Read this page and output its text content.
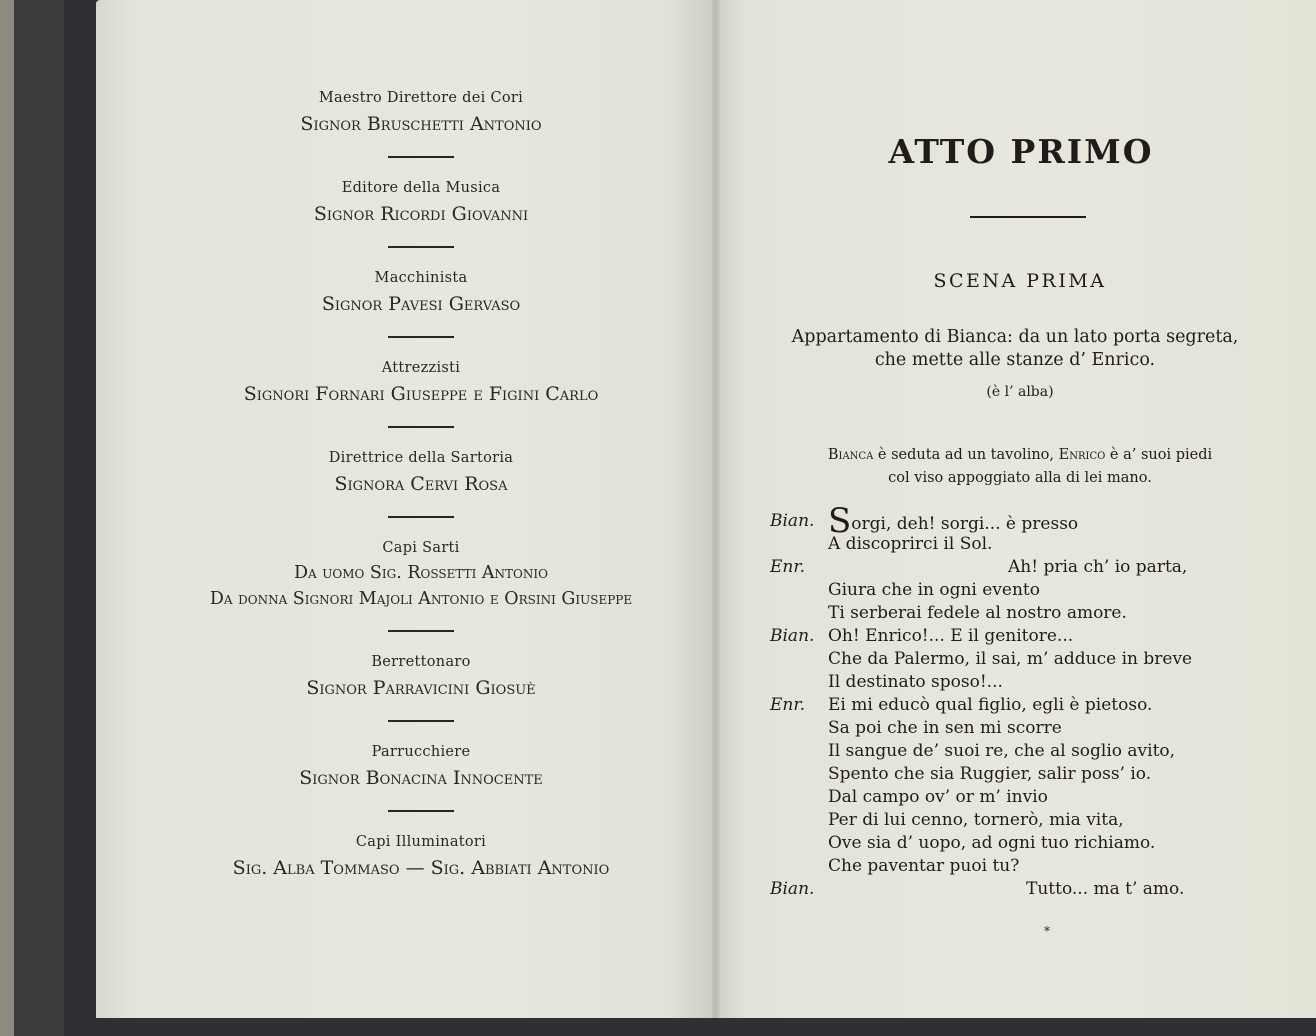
Maestro Direttore dei Cori

Signor Bruschetti Antonio

Editore della Musica

Signor Ricordi Giovanni

Macchinista

Signor Pavesi Gervaso

Attrezzisti

Signori Fornari Giuseppe e Figini Carlo

Direttrice della Sartoria

Signora Cervi Rosa

Capi Sarti

Da uomo Sig. Rossetti Antonio

Da donna Signori Majoli Antonio e Orsini Giuseppe

Berrettonaro

Signor Parravicini Giosuè

Parrucchiere

Signor Bonacina Innocente

Capi Illuminatori

Sig. Alba Tommaso — Sig. Abbiati Antonio

ATTO PRIMO
SCENA PRIMA
Appartamento di Bianca: da un lato porta segreta,
che mette alle stanze d’ Enrico.
(è l’ alba)
Bianca è seduta ad un tavolino, Enrico è a’ suoi piedi
col viso appoggiato alla di lei mano.
Bian. Sorgi, deh! sorgi... è presso
A discoprirci il Sol.
Enr.	Ah! pria ch’ io parta,
Giura che in ogni evento
Ti serberai fedele al nostro amore.
Bian. Oh! Enrico!... E il genitore...
Che da Palermo, il sai, m’ adduce in breve
Il destinato sposo!...
Enr. Ei mi educò qual figlio, egli è pietoso.
Sa poi che in sen mi scorre
Il sangue de’ suoi re, che al soglio avito,
Spento che sia Ruggier, salir poss’ io.
Dal campo ov’ or m’ invio
Per di lui cenno, tornerò, mia vita,
Ove sia d’ uopo, ad ogni tuo richiamo.
Che paventar puoi tu?
Bian.	Tutto... ma t’ amo.
*
